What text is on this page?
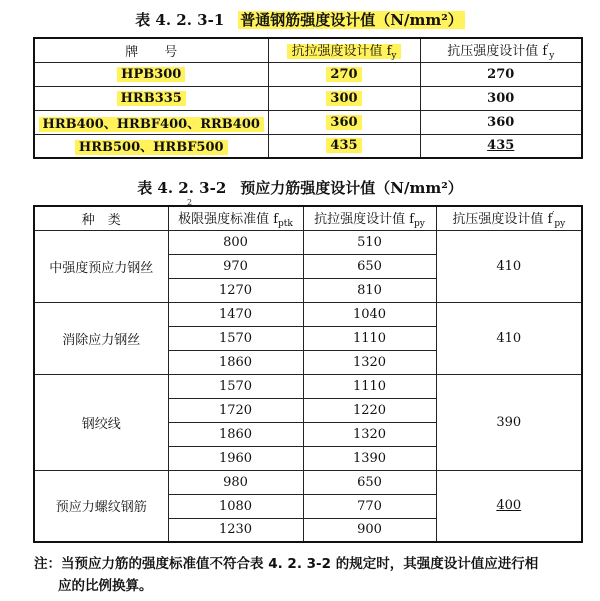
表 4. 2. 3-1 普通钢筋强度设计值（N/mm²）
牌　　号	抗拉强度设计值 $f_y$	抗压强度设计值 $f'_y$
HPB300	270	270
HRB335	300	300
HRB400、HRBF400、RRB400	360	360
HRB500、HRBF500	435	435
表 4. 2. 3-2 预应力筋强度设计值（N/mm²）
2
种　类	极限强度标准值 $f_{ptk}$	抗拉强度设计值 $f_{py}$	抗压强度设计值 $f'_{py}$
中强度预应力钢丝	800	510	410
	970	650	
	1270	810	
消除应力钢丝	1470	1040	410
	1570	1110	
	1860	1320	
钢绞线	1570	1110	390
	1720	1220	
	1860	1320	
	1960	1390	
预应力螺纹钢筋	980	650	400
	1080	770	
	1230	900	
注：当预应力筋的强度标准值不符合表 4. 2. 3-2 的规定时，其强度设计值应进行相
应的比例换算。
